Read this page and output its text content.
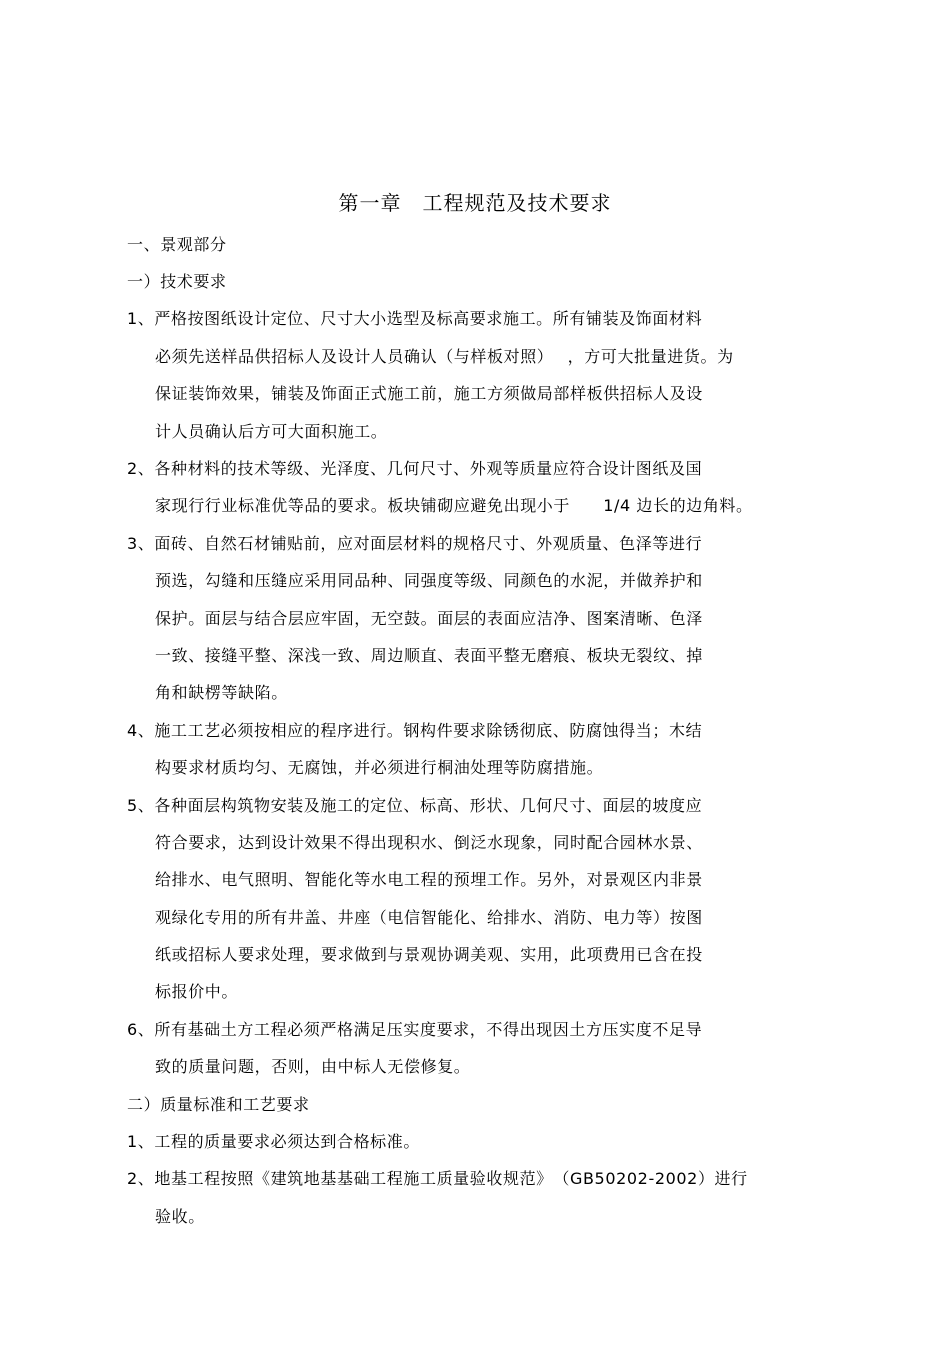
第一章　工程规范及技术要求
一、景观部分
一）技术要求
1、严格按图纸设计定位、尺寸大小选型及标高要求施工。所有铺装及饰面材料
必须先送样品供招标人及设计人员确认（与样板对照）　 ，方可大批量进货。为
保证装饰效果，铺装及饰面正式施工前，施工方须做局部样板供招标人及设
计人员确认后方可大面积施工。
2、各种材料的技术等级、光泽度、几何尺寸、外观等质量应符合设计图纸及国
家现行行业标准优等品的要求。板块铺砌应避免出现小于　　1/4 边长的边角料。
3、面砖、自然石材铺贴前，应对面层材料的规格尺寸、外观质量、色泽等进行
预选，勾缝和压缝应采用同品种、同强度等级、同颜色的水泥，并做养护和
保护。面层与结合层应牢固，无空鼓。面层的表面应洁净、图案清晰、色泽
一致、接缝平整、深浅一致、周边顺直、表面平整无磨痕、板块无裂纹、掉
角和缺楞等缺陷。
4、施工工艺必须按相应的程序进行。钢构件要求除锈彻底、防腐蚀得当；木结
构要求材质均匀、无腐蚀，并必须进行桐油处理等防腐措施。
5、各种面层构筑物安装及施工的定位、标高、形状、几何尺寸、面层的坡度应
符合要求，达到设计效果不得出现积水、倒泛水现象，同时配合园林水景、
给排水、电气照明、智能化等水电工程的预埋工作。另外，对景观区内非景
观绿化专用的所有井盖、井座（电信智能化、给排水、消防、电力等）按图
纸或招标人要求处理，要求做到与景观协调美观、实用，此项费用已含在投
标报价中。
6、所有基础土方工程必须严格满足压实度要求，不得出现因土方压实度不足导
致的质量问题，否则，由中标人无偿修复。
二）质量标准和工艺要求
1、工程的质量要求必须达到合格标准。
2、地基工程按照《建筑地基基础工程施工质量验收规范》　（GB50202-2002）进行
验收。
